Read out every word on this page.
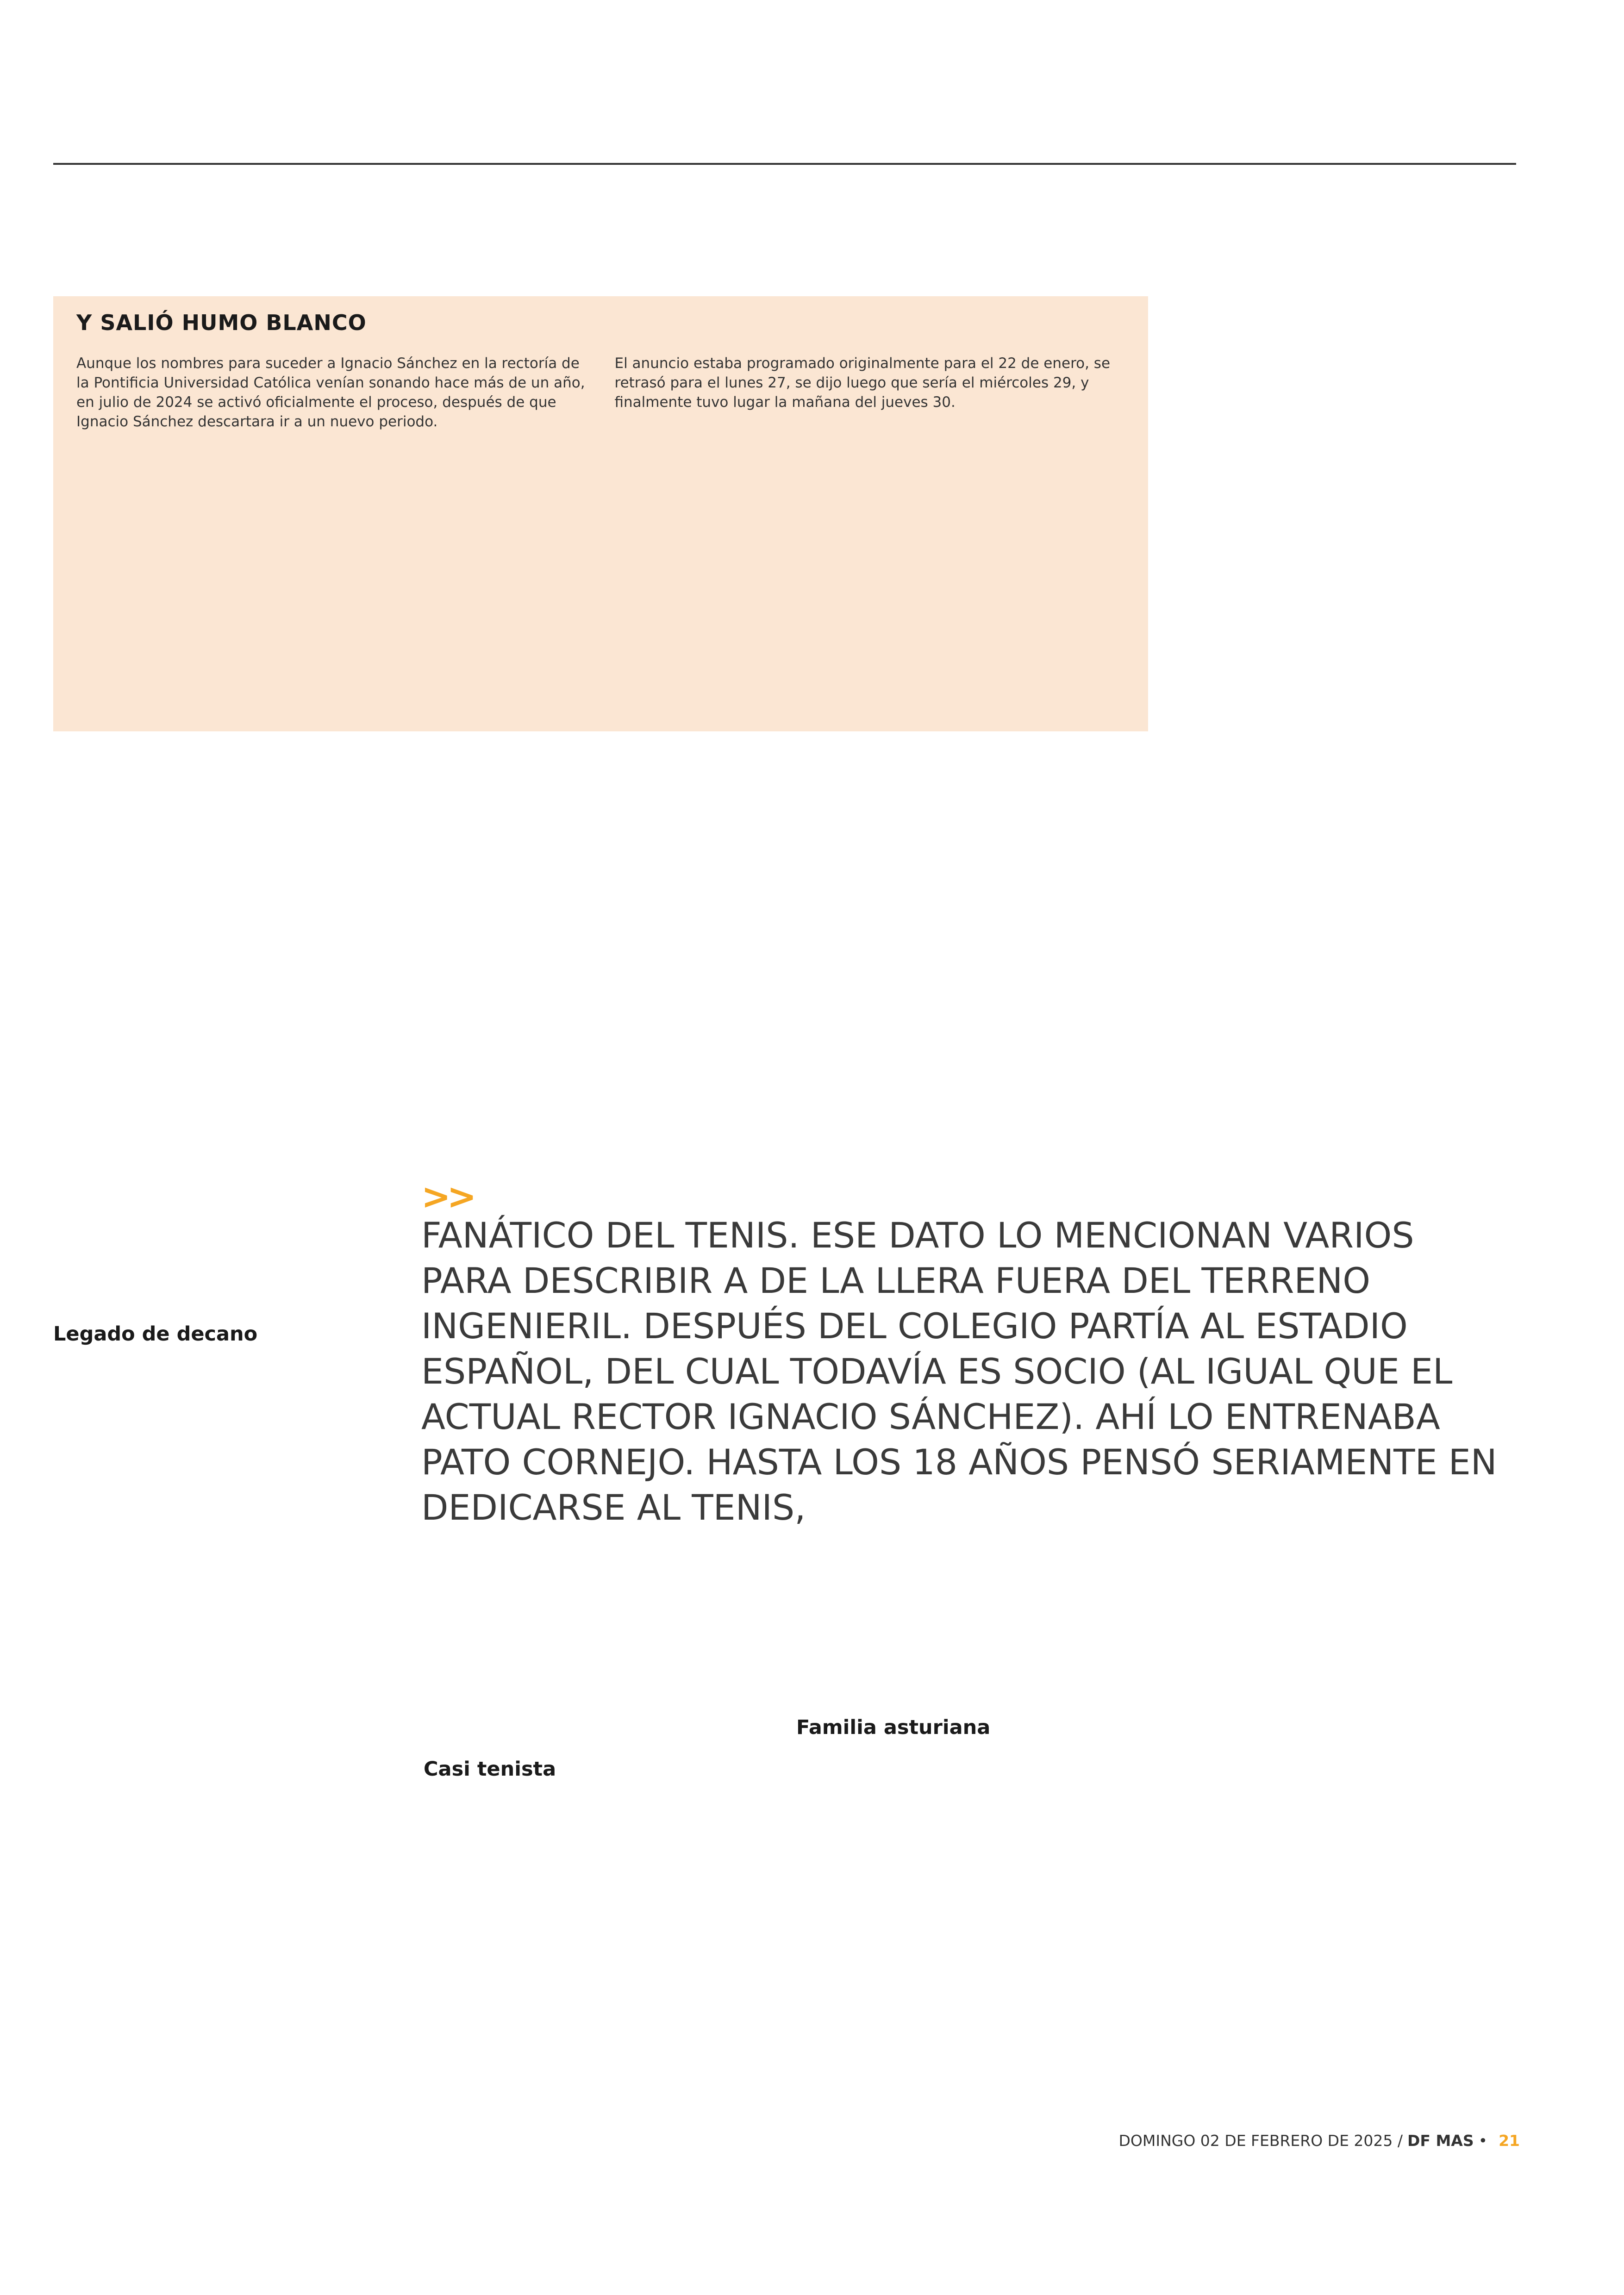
Y SALIÓ HUMO BLANCO

Aunque los nombres para suceder a Ignacio Sánchez en la rectoría de la Pontificia Universidad Católica venían sonando hace más de un año, en julio de 2024 se activó oficialmente el proceso, después de que Ignacio Sánchez descartara ir a un nuevo periodo.

El anuncio estaba programado originalmente para el 22 de enero, se retrasó para el lunes 27, se dijo luego que sería el miércoles 29, y finalmente tuvo lugar la mañana del jueves 30.

Legado de decano
Casi tenista
Familia asturiana
>>

FANÁTICO DEL TENIS. ESE DATO LO MENCIONAN VARIOS PARA DESCRIBIR A DE LA LLERA FUERA DEL TERRENO INGENIERIL. DESPUÉS DEL COLEGIO PARTÍA AL ESTADIO ESPAÑOL, DEL CUAL TODAVÍA ES SOCIO (AL IGUAL QUE EL ACTUAL RECTOR IGNACIO SÁNCHEZ). AHÍ LO ENTRENABA PATO CORNEJO. HASTA LOS 18 AÑOS PENSÓ SERIAMENTE EN DEDICARSE AL TENIS,

DOMINGO 02 DE FEBRERO DE 2025 / DF MAS • 21
